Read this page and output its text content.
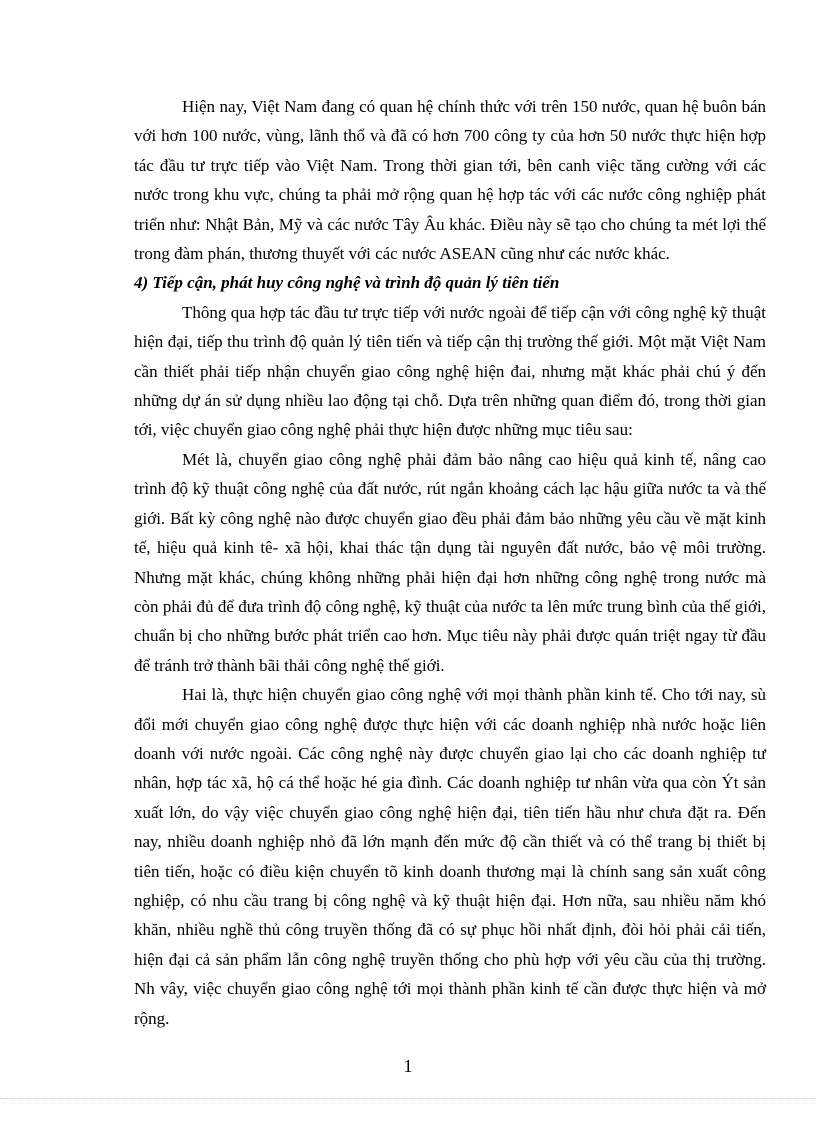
Hiện nay, Việt Nam đang có quan hệ chính thức với trên 150 nước, quan hệ buôn bán với hơn 100 nước, vùng, lãnh thổ và đã có hơn 700 công ty của hơn 50 nước thực hiện hợp tác đầu tư trực tiếp vào Việt Nam. Trong thời gian tới, bên canh việc tăng cường với các nước trong khu vực, chúng ta phải mở rộng quan hệ hợp tác với các nước công nghiệp phát triển như: Nhật Bản, Mỹ và các nước Tây Âu khác. Điều này sẽ tạo cho chúng ta mét lợi thế trong đàm phán, thương thuyết với các nước ASEAN cũng như các nước khác.

4) Tiếp cận, phát huy công nghệ và trình độ quản lý tiên tiến

Thông qua hợp tác đầu tư trực tiếp với nước ngoài để tiếp cận với công nghệ kỹ thuật hiện đại, tiếp thu trình độ quản lý tiên tiến và tiếp cận thị trường thế giới. Một mặt Việt Nam cần thiết phải tiếp nhận chuyển giao công nghệ hiện đai, nhưng mặt khác phải chú ý đến những dự án sử dụng nhiều lao động tại chỗ. Dựa trên những quan điểm đó, trong thời gian tới, việc chuyển giao công nghệ phải thực hiện được những mục tiêu sau:

Mét là, chuyển giao công nghệ phải đảm bảo nâng cao hiệu quả kinh tế, nâng cao trình độ kỹ thuật công nghệ của đất nước, rút ngắn khoảng cách lạc hậu giữa nước ta và thế giới. Bất kỳ công nghệ nào được chuyển giao đều phải đảm bảo những yêu cầu về mặt kinh tế, hiệu quả kinh tê- xã hội, khai thác tận dụng tài nguyên đất nước, bảo vệ môi trường. Nhưng mặt khác, chúng không những phải hiện đại hơn những công nghệ trong nước mà còn phải đủ để đưa trình độ công nghệ, kỹ thuật của nước ta lên mức trung bình của thế giới, chuẩn bị cho những bước phát triển cao hơn. Mục tiêu này phải được quán triệt ngay từ đầu để tránh trở thành bãi thải công nghệ thế giới.

Hai là, thực hiện chuyển giao công nghệ với mọi thành phần kinh tế. Cho tới nay, sù đổi mới chuyển giao công nghệ được thực hiện với các doanh nghiệp nhà nước hoặc liên doanh với nước ngoài. Các công nghệ này được chuyển giao lại cho các doanh nghiệp tư nhân, hợp tác xã, hộ cá thể hoặc hé gia đình. Các doanh nghiệp tư nhân vừa qua còn Ýt sản xuất lớn, do vậy việc chuyển giao công nghệ hiện đại, tiên tiến hầu như chưa đặt ra. Đến nay, nhiều doanh nghiệp nhỏ đã lớn mạnh đến mức độ cần thiết và có thể trang bị thiết bị tiên tiến, hoặc có điều kiện chuyển tõ kinh doanh thương mại là chính sang sản xuất công nghiệp, có nhu cầu trang bị công nghệ và kỹ thuật hiện đại. Hơn nữa, sau nhiều năm khó khăn, nhiều nghề thủ công truyền thống đã có sự phục hồi nhất định, đòi hỏi phải cải tiến, hiện đại cả sản phẩm lẫn công nghệ truyền thống cho phù hợp với yêu cầu của thị trường. Nh vây, việc chuyển giao công nghệ tới mọi thành phần kinh tế cần được thực hiện và mở rộng.

1
